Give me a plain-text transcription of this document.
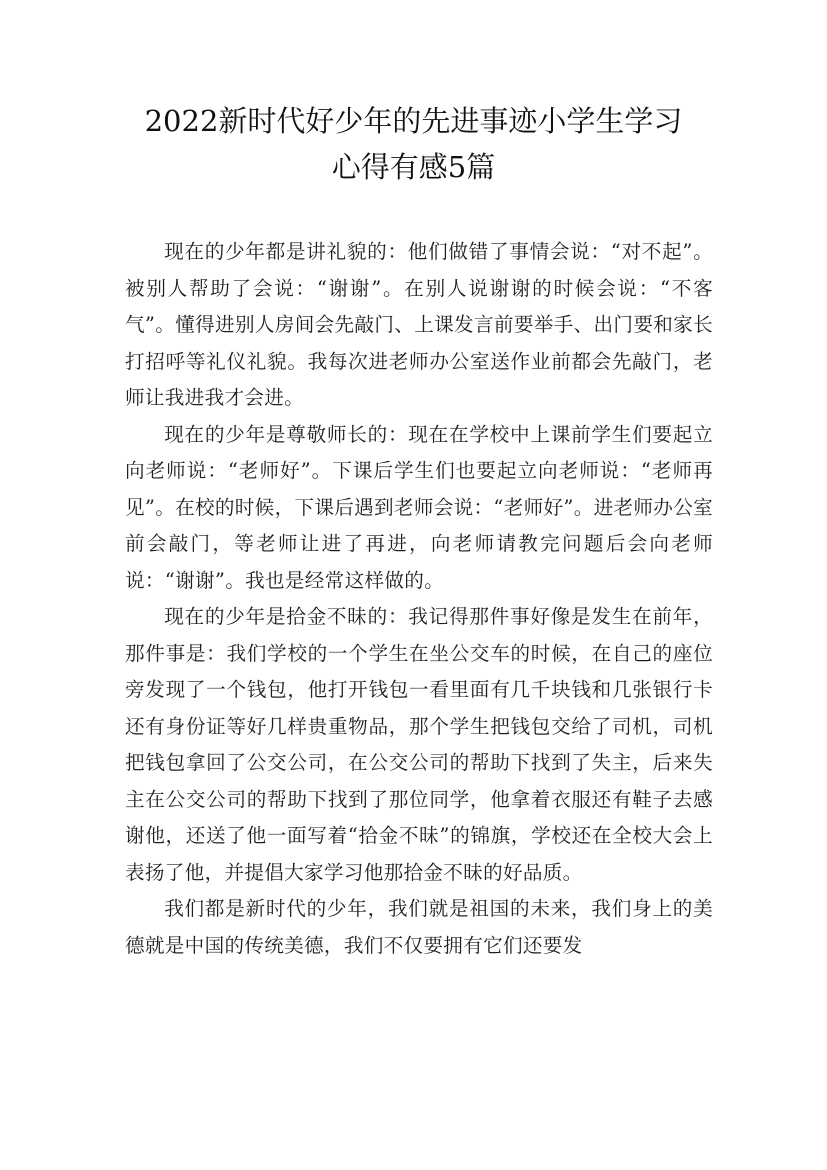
2022新时代好少年的先进事迹小学生学习
心得有感5篇

现在的少年都是讲礼貌的：他们做错了事情会说：“对不起”。被别人帮助了会说：“谢谢”。在别人说谢谢的时候会说：“不客气”。懂得进别人房间会先敲门、上课发言前要举手、出门要和家长打招呼等礼仪礼貌。我每次进老师办公室送作业前都会先敲门，老师让我进我才会进。

现在的少年是尊敬师长的：现在在学校中上课前学生们要起立向老师说：“老师好”。下课后学生们也要起立向老师说：“老师再见”。在校的时候，下课后遇到老师会说：“老师好”。进老师办公室前会敲门，等老师让进了再进，向老师请教完问题后会向老师说：“谢谢”。我也是经常这样做的。

现在的少年是拾金不昧的：我记得那件事好像是发生在前年，那件事是：我们学校的一个学生在坐公交车的时候，在自己的座位旁发现了一个钱包，他打开钱包一看里面有几千块钱和几张银行卡还有身份证等好几样贵重物品，那个学生把钱包交给了司机，司机把钱包拿回了公交公司，在公交公司的帮助下找到了失主，后来失主在公交公司的帮助下找到了那位同学，他拿着衣服还有鞋子去感谢他，还送了他一面写着“拾金不昧”的锦旗，学校还在全校大会上表扬了他，并提倡大家学习他那拾金不昧的好品质。

我们都是新时代的少年，我们就是祖国的未来，我们身上的美德就是中国的传统美德，我们不仅要拥有它们还要发
